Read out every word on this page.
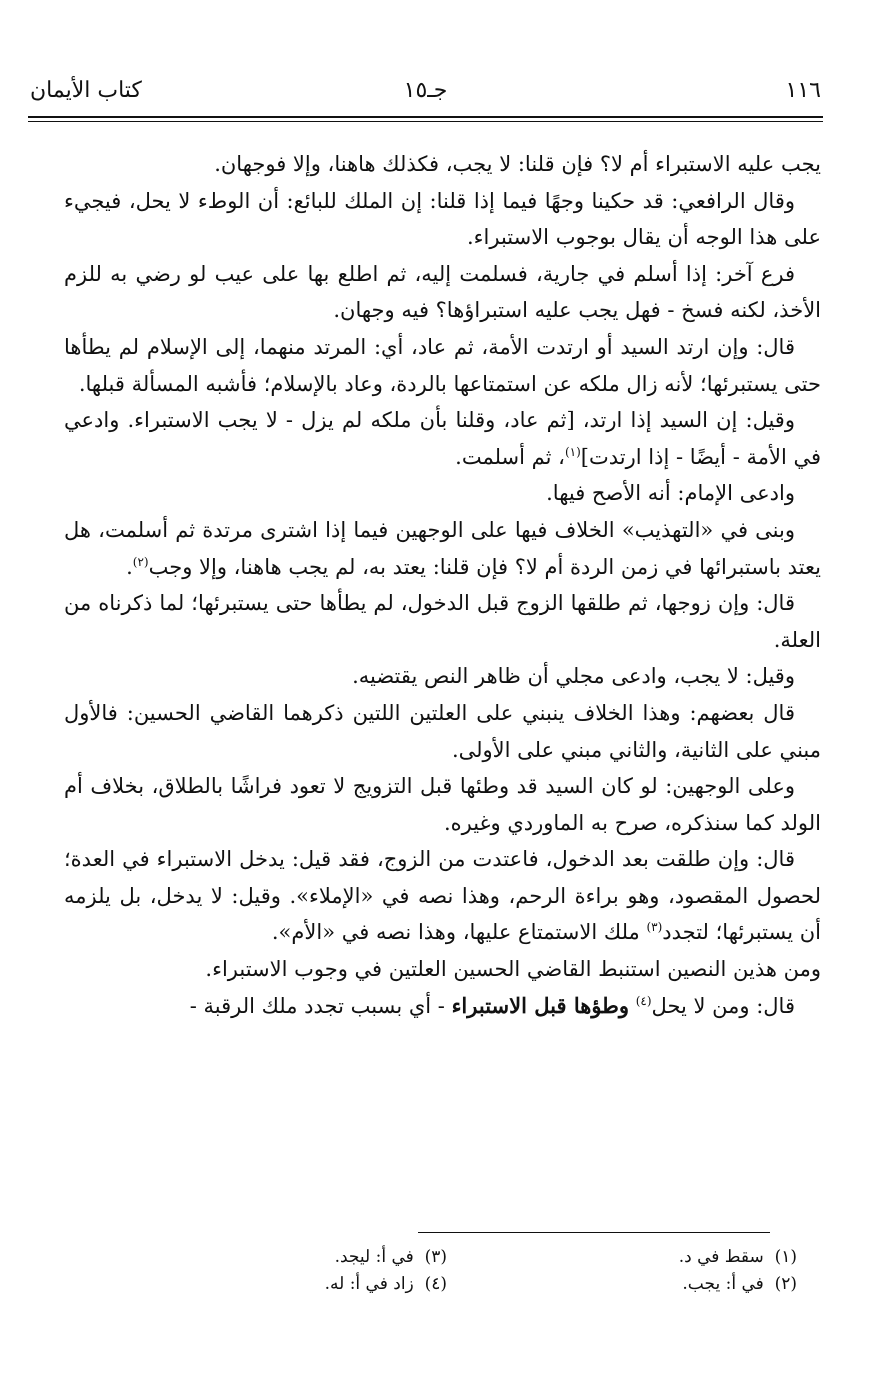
١١٦
جـ١٥
كتاب الأيمان

يجب عليه الاستبراء أم لا؟ فإن قلنا: لا يجب، فكذلك هاهنا، وإلا فوجهان.

وقال الرافعي: قد حكينا وجهًا فيما إذا قلنا: إن الملك للبائع: أن الوطء لا يحل، فيجيء على هذا الوجه أن يقال بوجوب الاستبراء.

فرع آخر: إذا أسلم في جارية، فسلمت إليه، ثم اطلع بها على عيب لو رضي به للزم الأخذ، لكنه فسخ - فهل يجب عليه استبراؤها؟ فيه وجهان.

قال: وإن ارتد السيد أو ارتدت الأمة، ثم عاد، أي: المرتد منهما، إلى الإسلام لم يطأها حتى يستبرئها؛ لأنه زال ملكه عن استمتاعها بالردة، وعاد بالإسلام؛ فأشبه المسألة قبلها.

وقيل: إن السيد إذا ارتد، [ثم عاد، وقلنا بأن ملكه لم يزل - لا يجب الاستبراء. وادعي في الأمة - أيضًا - إذا ارتدت]$^{(١)}$، ثم أسلمت.

وادعى الإمام: أنه الأصح فيها.

وبنى في «التهذيب» الخلاف فيها على الوجهين فيما إذا اشترى مرتدة ثم أسلمت، هل يعتد باستبرائها في زمن الردة أم لا؟ فإن قلنا: يعتد به، لم يجب هاهنا، وإلا وجب$^{(٢)}$.

قال: وإن زوجها، ثم طلقها الزوج قبل الدخول، لم يطأها حتى يستبرئها؛ لما ذكرناه من العلة.

وقيل: لا يجب، وادعى مجلي أن ظاهر النص يقتضيه.

قال بعضهم: وهذا الخلاف ينبني على العلتين اللتين ذكرهما القاضي الحسين: فالأول مبني على الثانية، والثاني مبني على الأولى.

وعلى الوجهين: لو كان السيد قد وطئها قبل التزويج لا تعود فراشًا بالطلاق، بخلاف أم الولد كما سنذكره، صرح به الماوردي وغيره.

قال: وإن طلقت بعد الدخول، فاعتدت من الزوج، فقد قيل: يدخل الاستبراء في العدة؛ لحصول المقصود، وهو براءة الرحم، وهذا نصه في «الإملاء». وقيل: لا يدخل، بل يلزمه أن يستبرئها؛ لتجدد$^{(٣)}$ ملك الاستمتاع عليها، وهذا نصه في «الأم».

ومن هذين النصين استنبط القاضي الحسين العلتين في وجوب الاستبراء.

قال: ومن لا يحل$^{(٤)}$ وطؤها قبل الاستبراء - أي بسبب تجدد ملك الرقبة -

(١)  سقط في د.
(٢)  في أ: يجب.
(٣)  في أ: ليجد.
(٤)  زاد في أ: له.
